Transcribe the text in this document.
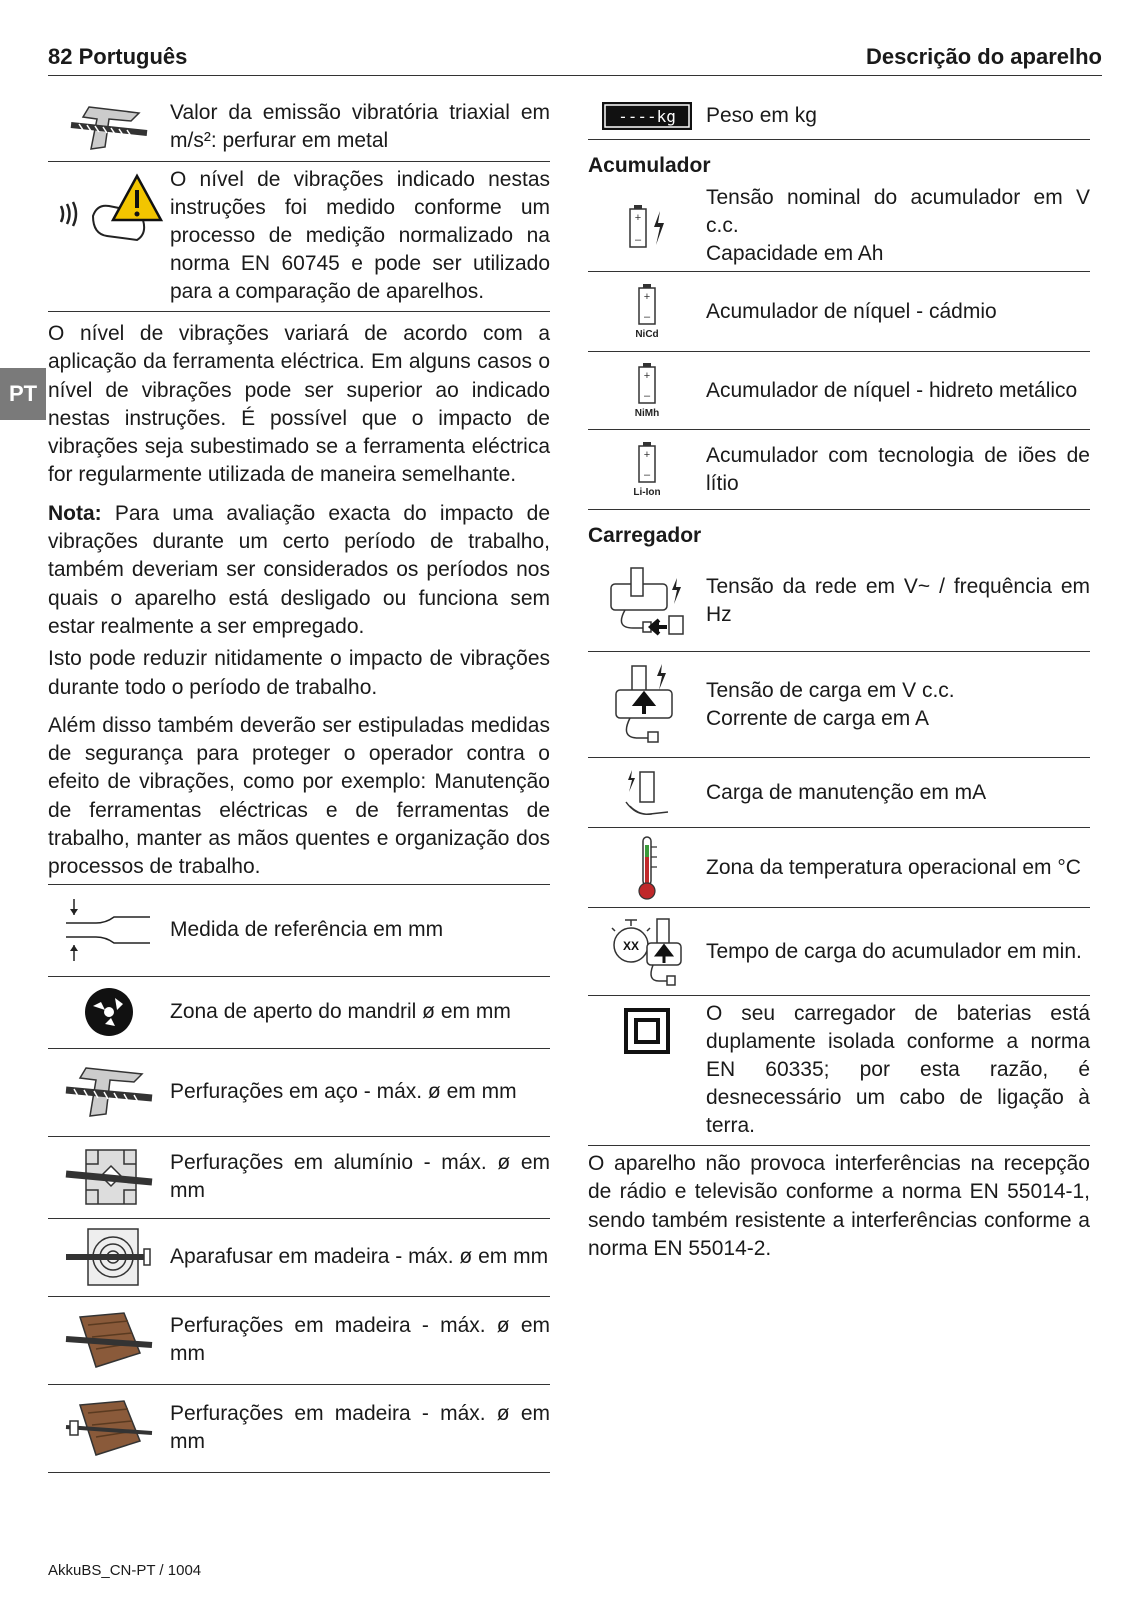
82 Português	Descrição do aparelho
PT
Valor da emissão vibratória triaxial em m/s²: perfurar em metal
O nível de vibrações indicado nestas instruções foi medido conforme um processo de medição normalizado na norma EN 60745 e pode ser utilizado para a comparação de aparelhos.
O nível de vibrações variará de acordo com a aplicação da ferramenta eléctrica. Em alguns casos o nível de vibrações pode ser superior ao indicado nestas instruções. É possível que o impacto de vibrações seja subestimado se a ferramenta eléctrica for regularmente utilizada de maneira semelhante.
Nota: Para uma avaliação exacta do impacto de vibrações durante um certo período de trabalho, também deveriam ser considerados os períodos nos quais o aparelho está desligado ou funciona sem estar realmente a ser empregado.
Isto pode reduzir nitidamente o impacto de vibrações durante todo o período de trabalho.
Além disso também deverão ser estipuladas medidas de segurança para proteger o operador contra o efeito de vibrações, como por exemplo: Manutenção de ferramentas eléctricas e de ferramentas de trabalho, manter as mãos quentes e organização dos processos de trabalho.
Medida de referência em mm
Zona de aperto do mandril ø em mm
Perfurações em aço - máx. ø em mm
Perfurações em alumínio - máx. ø em mm
Aparafusar em madeira - máx. ø em mm
Perfurações em madeira - máx. ø em mm
Perfurações em madeira - máx. ø em mm
----kg Peso em kg
Acumulador
+
–
Tensão nominal do acumulador em V c.c.
Capacidade em Ah
+
–
NiCd
Acumulador de níquel - cádmio
+
–
NiMh
Acumulador de níquel - hidreto metálico
+
–
Li-Ion
Acumulador com tecnologia de iões de lítio
Carregador
Tensão da rede em V~ / frequência em Hz
Tensão de carga em V c.c.
Corrente de carga em A
Carga de manutenção em mA
Zona da temperatura operacional em °C
XX	Tempo de carga do acumulador em min.
O seu carregador de baterias está duplamente isolada conforme a norma EN 60335; por esta razão, é desnecessário um cabo de ligação à terra.
O aparelho não provoca interferências na recepção de rádio e televisão conforme a norma EN 55014-1, sendo também resistente a interferências conforme a norma EN 55014-2.
AkkuBS_CN-PT / 1004
